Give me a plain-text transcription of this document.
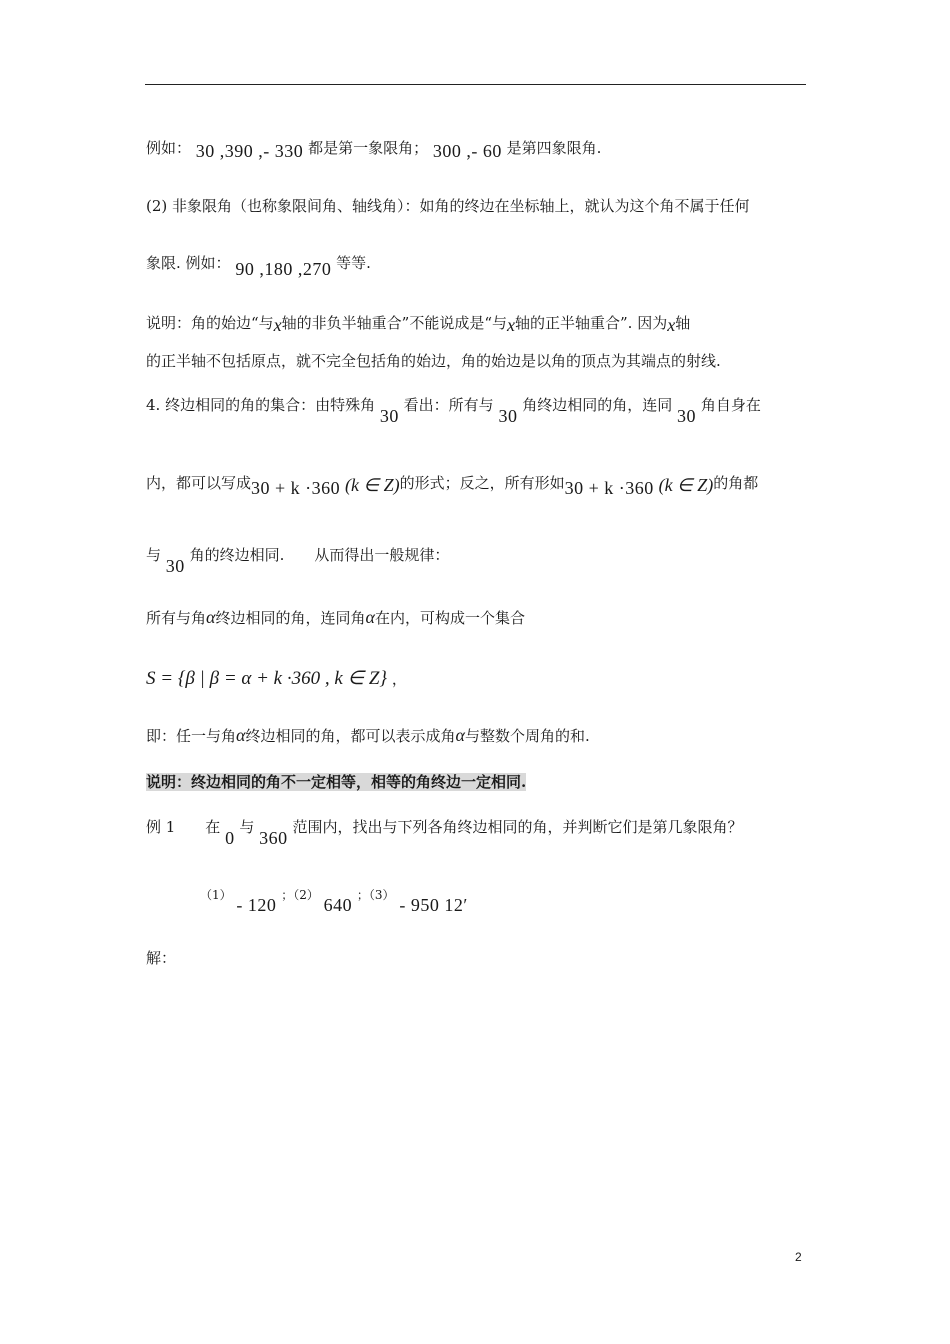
例如： 30 ,390 ,- 330 都是第一象限角； 300 ,- 60 是第四象限角.
(2) 非象限角（也称象限间角、轴线角）：如角的终边在坐标轴上，就认为这个角不属于任何
象限. 例如： 90 ,180 ,270 等等.
说明：角的始边“与x轴的非负半轴重合”不能说成是“与x轴的正半轴重合”. 因为x轴
的正半轴不包括原点，就不完全包括角的始边，角的始边是以角的顶点为其端点的射线.
4. 终边相同的角的集合：由特殊角 30 看出：所有与 30 角终边相同的角，连同 30 角自身在
内，都可以写成30 + k ·360 (k ∈ Z)的形式；反之，所有形如30 + k ·360 (k ∈ Z)的角都
与 30 角的终边相同.　　从而得出一般规律：
所有与角α终边相同的角，连同角α在内，可构成一个集合
S = {β | β = α + k ·360 , k ∈ Z} ，
即：任一与角α终边相同的角，都可以表示成角α与整数个周角的和.
说明：终边相同的角不一定相等，相等的角终边一定相同.
例 1　　在 0 与 360 范围内，找出与下列各角终边相同的角，并判断它们是第几象限角？
（1） - 120 ；（2） 640 ；（3） - 950 12′
解：
2
